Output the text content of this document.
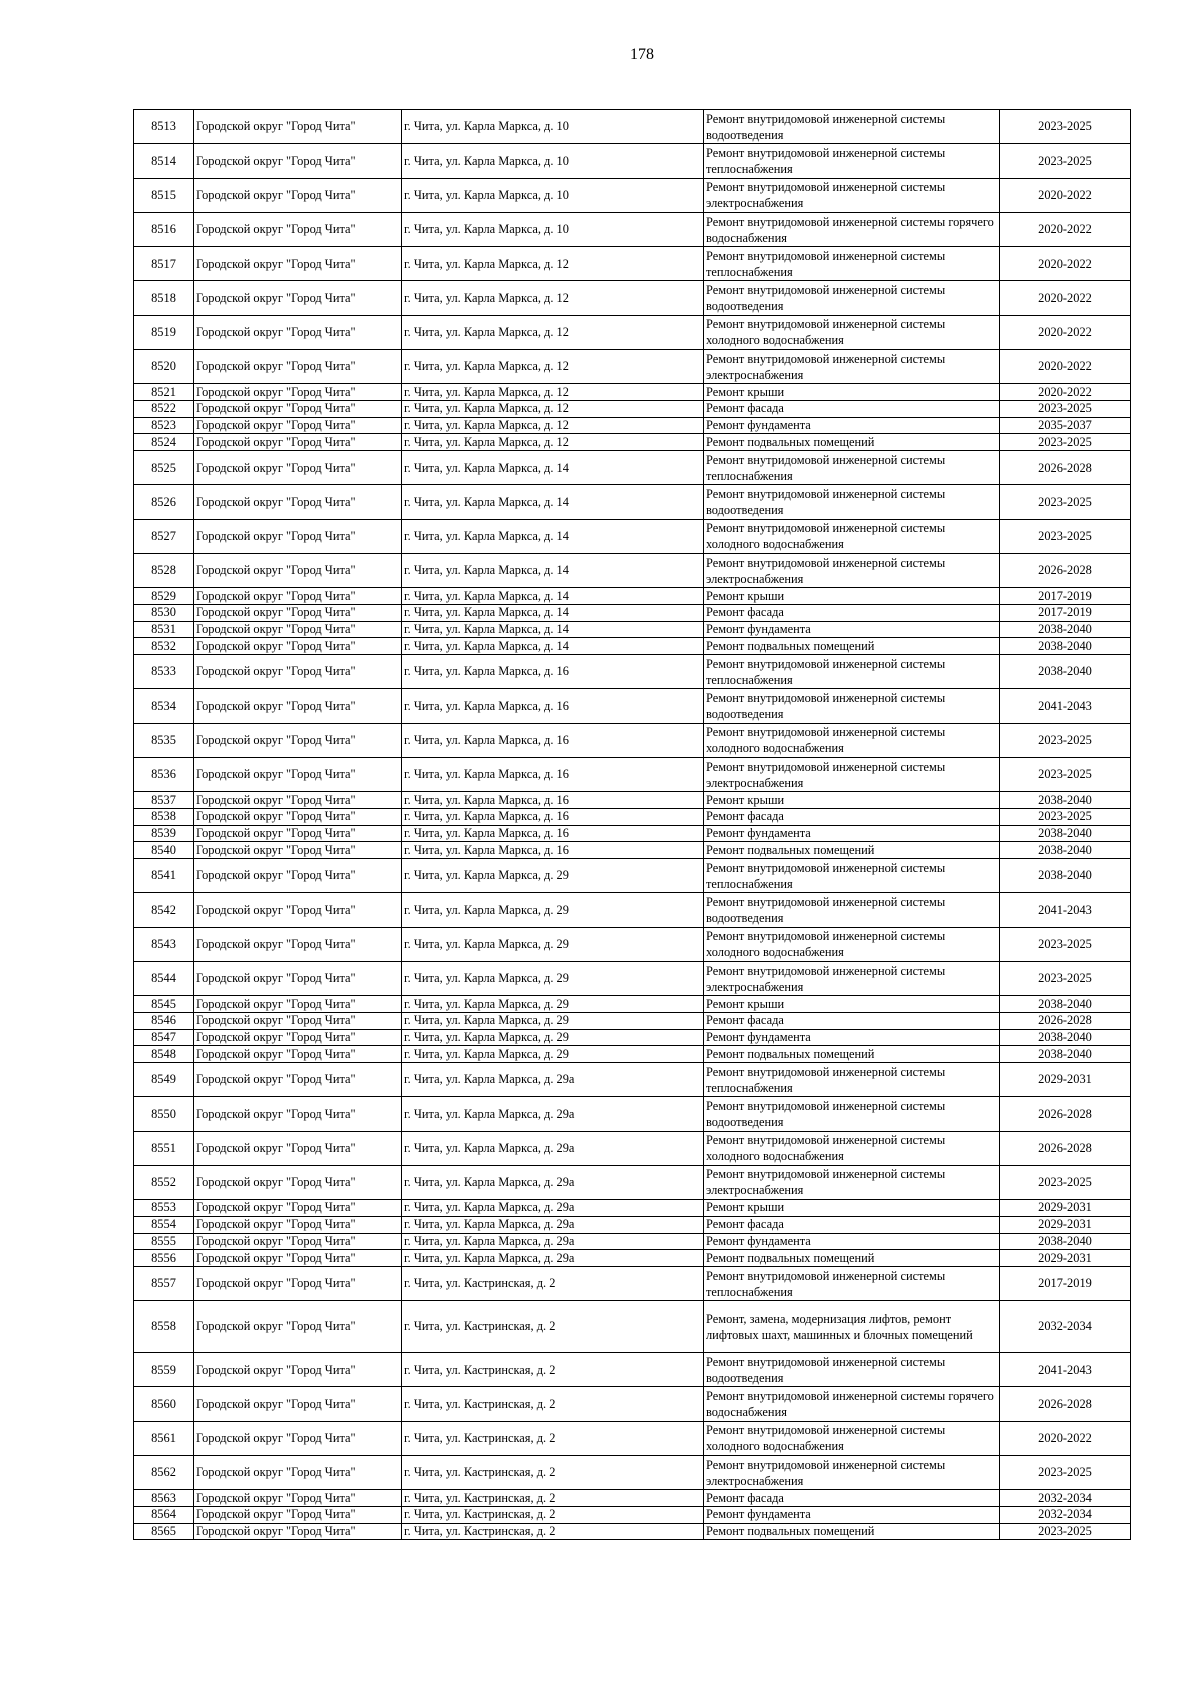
178
8513	Городской округ "Город Чита"	г. Чита, ул. Карла Маркса, д. 10	Ремонт внутридомовой инженерной системы водоотведения	2023-2025
8514	Городской округ "Город Чита"	г. Чита, ул. Карла Маркса, д. 10	Ремонт внутридомовой инженерной системы теплоснабжения	2023-2025
8515	Городской округ "Город Чита"	г. Чита, ул. Карла Маркса, д. 10	Ремонт внутридомовой инженерной системы электроснабжения	2020-2022
8516	Городской округ "Город Чита"	г. Чита, ул. Карла Маркса, д. 10	Ремонт внутридомовой инженерной системы горячего водоснабжения	2020-2022
8517	Городской округ "Город Чита"	г. Чита, ул. Карла Маркса, д. 12	Ремонт внутридомовой инженерной системы теплоснабжения	2020-2022
8518	Городской округ "Город Чита"	г. Чита, ул. Карла Маркса, д. 12	Ремонт внутридомовой инженерной системы водоотведения	2020-2022
8519	Городской округ "Город Чита"	г. Чита, ул. Карла Маркса, д. 12	Ремонт внутридомовой инженерной системы холодного водоснабжения	2020-2022
8520	Городской округ "Город Чита"	г. Чита, ул. Карла Маркса, д. 12	Ремонт внутридомовой инженерной системы электроснабжения	2020-2022
8521	Городской округ "Город Чита"	г. Чита, ул. Карла Маркса, д. 12	Ремонт крыши	2020-2022
8522	Городской округ "Город Чита"	г. Чита, ул. Карла Маркса, д. 12	Ремонт фасада	2023-2025
8523	Городской округ "Город Чита"	г. Чита, ул. Карла Маркса, д. 12	Ремонт фундамента	2035-2037
8524	Городской округ "Город Чита"	г. Чита, ул. Карла Маркса, д. 12	Ремонт подвальных помещений	2023-2025
8525	Городской округ "Город Чита"	г. Чита, ул. Карла Маркса, д. 14	Ремонт внутридомовой инженерной системы теплоснабжения	2026-2028
8526	Городской округ "Город Чита"	г. Чита, ул. Карла Маркса, д. 14	Ремонт внутридомовой инженерной системы водоотведения	2023-2025
8527	Городской округ "Город Чита"	г. Чита, ул. Карла Маркса, д. 14	Ремонт внутридомовой инженерной системы холодного водоснабжения	2023-2025
8528	Городской округ "Город Чита"	г. Чита, ул. Карла Маркса, д. 14	Ремонт внутридомовой инженерной системы электроснабжения	2026-2028
8529	Городской округ "Город Чита"	г. Чита, ул. Карла Маркса, д. 14	Ремонт крыши	2017-2019
8530	Городской округ "Город Чита"	г. Чита, ул. Карла Маркса, д. 14	Ремонт фасада	2017-2019
8531	Городской округ "Город Чита"	г. Чита, ул. Карла Маркса, д. 14	Ремонт фундамента	2038-2040
8532	Городской округ "Город Чита"	г. Чита, ул. Карла Маркса, д. 14	Ремонт подвальных помещений	2038-2040
8533	Городской округ "Город Чита"	г. Чита, ул. Карла Маркса, д. 16	Ремонт внутридомовой инженерной системы теплоснабжения	2038-2040
8534	Городской округ "Город Чита"	г. Чита, ул. Карла Маркса, д. 16	Ремонт внутридомовой инженерной системы водоотведения	2041-2043
8535	Городской округ "Город Чита"	г. Чита, ул. Карла Маркса, д. 16	Ремонт внутридомовой инженерной системы холодного водоснабжения	2023-2025
8536	Городской округ "Город Чита"	г. Чита, ул. Карла Маркса, д. 16	Ремонт внутридомовой инженерной системы электроснабжения	2023-2025
8537	Городской округ "Город Чита"	г. Чита, ул. Карла Маркса, д. 16	Ремонт крыши	2038-2040
8538	Городской округ "Город Чита"	г. Чита, ул. Карла Маркса, д. 16	Ремонт фасада	2023-2025
8539	Городской округ "Город Чита"	г. Чита, ул. Карла Маркса, д. 16	Ремонт фундамента	2038-2040
8540	Городской округ "Город Чита"	г. Чита, ул. Карла Маркса, д. 16	Ремонт подвальных помещений	2038-2040
8541	Городской округ "Город Чита"	г. Чита, ул. Карла Маркса, д. 29	Ремонт внутридомовой инженерной системы теплоснабжения	2038-2040
8542	Городской округ "Город Чита"	г. Чита, ул. Карла Маркса, д. 29	Ремонт внутридомовой инженерной системы водоотведения	2041-2043
8543	Городской округ "Город Чита"	г. Чита, ул. Карла Маркса, д. 29	Ремонт внутридомовой инженерной системы холодного водоснабжения	2023-2025
8544	Городской округ "Город Чита"	г. Чита, ул. Карла Маркса, д. 29	Ремонт внутридомовой инженерной системы электроснабжения	2023-2025
8545	Городской округ "Город Чита"	г. Чита, ул. Карла Маркса, д. 29	Ремонт крыши	2038-2040
8546	Городской округ "Город Чита"	г. Чита, ул. Карла Маркса, д. 29	Ремонт фасада	2026-2028
8547	Городской округ "Город Чита"	г. Чита, ул. Карла Маркса, д. 29	Ремонт фундамента	2038-2040
8548	Городской округ "Город Чита"	г. Чита, ул. Карла Маркса, д. 29	Ремонт подвальных помещений	2038-2040
8549	Городской округ "Город Чита"	г. Чита, ул. Карла Маркса, д. 29а	Ремонт внутридомовой инженерной системы теплоснабжения	2029-2031
8550	Городской округ "Город Чита"	г. Чита, ул. Карла Маркса, д. 29а	Ремонт внутридомовой инженерной системы водоотведения	2026-2028
8551	Городской округ "Город Чита"	г. Чита, ул. Карла Маркса, д. 29а	Ремонт внутридомовой инженерной системы холодного водоснабжения	2026-2028
8552	Городской округ "Город Чита"	г. Чита, ул. Карла Маркса, д. 29а	Ремонт внутридомовой инженерной системы электроснабжения	2023-2025
8553	Городской округ "Город Чита"	г. Чита, ул. Карла Маркса, д. 29а	Ремонт крыши	2029-2031
8554	Городской округ "Город Чита"	г. Чита, ул. Карла Маркса, д. 29а	Ремонт фасада	2029-2031
8555	Городской округ "Город Чита"	г. Чита, ул. Карла Маркса, д. 29а	Ремонт фундамента	2038-2040
8556	Городской округ "Город Чита"	г. Чита, ул. Карла Маркса, д. 29а	Ремонт подвальных помещений	2029-2031
8557	Городской округ "Город Чита"	г. Чита, ул. Кастринская, д. 2	Ремонт внутридомовой инженерной системы теплоснабжения	2017-2019
8558	Городской округ "Город Чита"	г. Чита, ул. Кастринская, д. 2	Ремонт, замена, модернизация лифтов, ремонт лифтовых шахт, машинных и блочных помещений	2032-2034
8559	Городской округ "Город Чита"	г. Чита, ул. Кастринская, д. 2	Ремонт внутридомовой инженерной системы водоотведения	2041-2043
8560	Городской округ "Город Чита"	г. Чита, ул. Кастринская, д. 2	Ремонт внутридомовой инженерной системы горячего водоснабжения	2026-2028
8561	Городской округ "Город Чита"	г. Чита, ул. Кастринская, д. 2	Ремонт внутридомовой инженерной системы холодного водоснабжения	2020-2022
8562	Городской округ "Город Чита"	г. Чита, ул. Кастринская, д. 2	Ремонт внутридомовой инженерной системы электроснабжения	2023-2025
8563	Городской округ "Город Чита"	г. Чита, ул. Кастринская, д. 2	Ремонт фасада	2032-2034
8564	Городской округ "Город Чита"	г. Чита, ул. Кастринская, д. 2	Ремонт фундамента	2032-2034
8565	Городской округ "Город Чита"	г. Чита, ул. Кастринская, д. 2	Ремонт подвальных помещений	2023-2025
